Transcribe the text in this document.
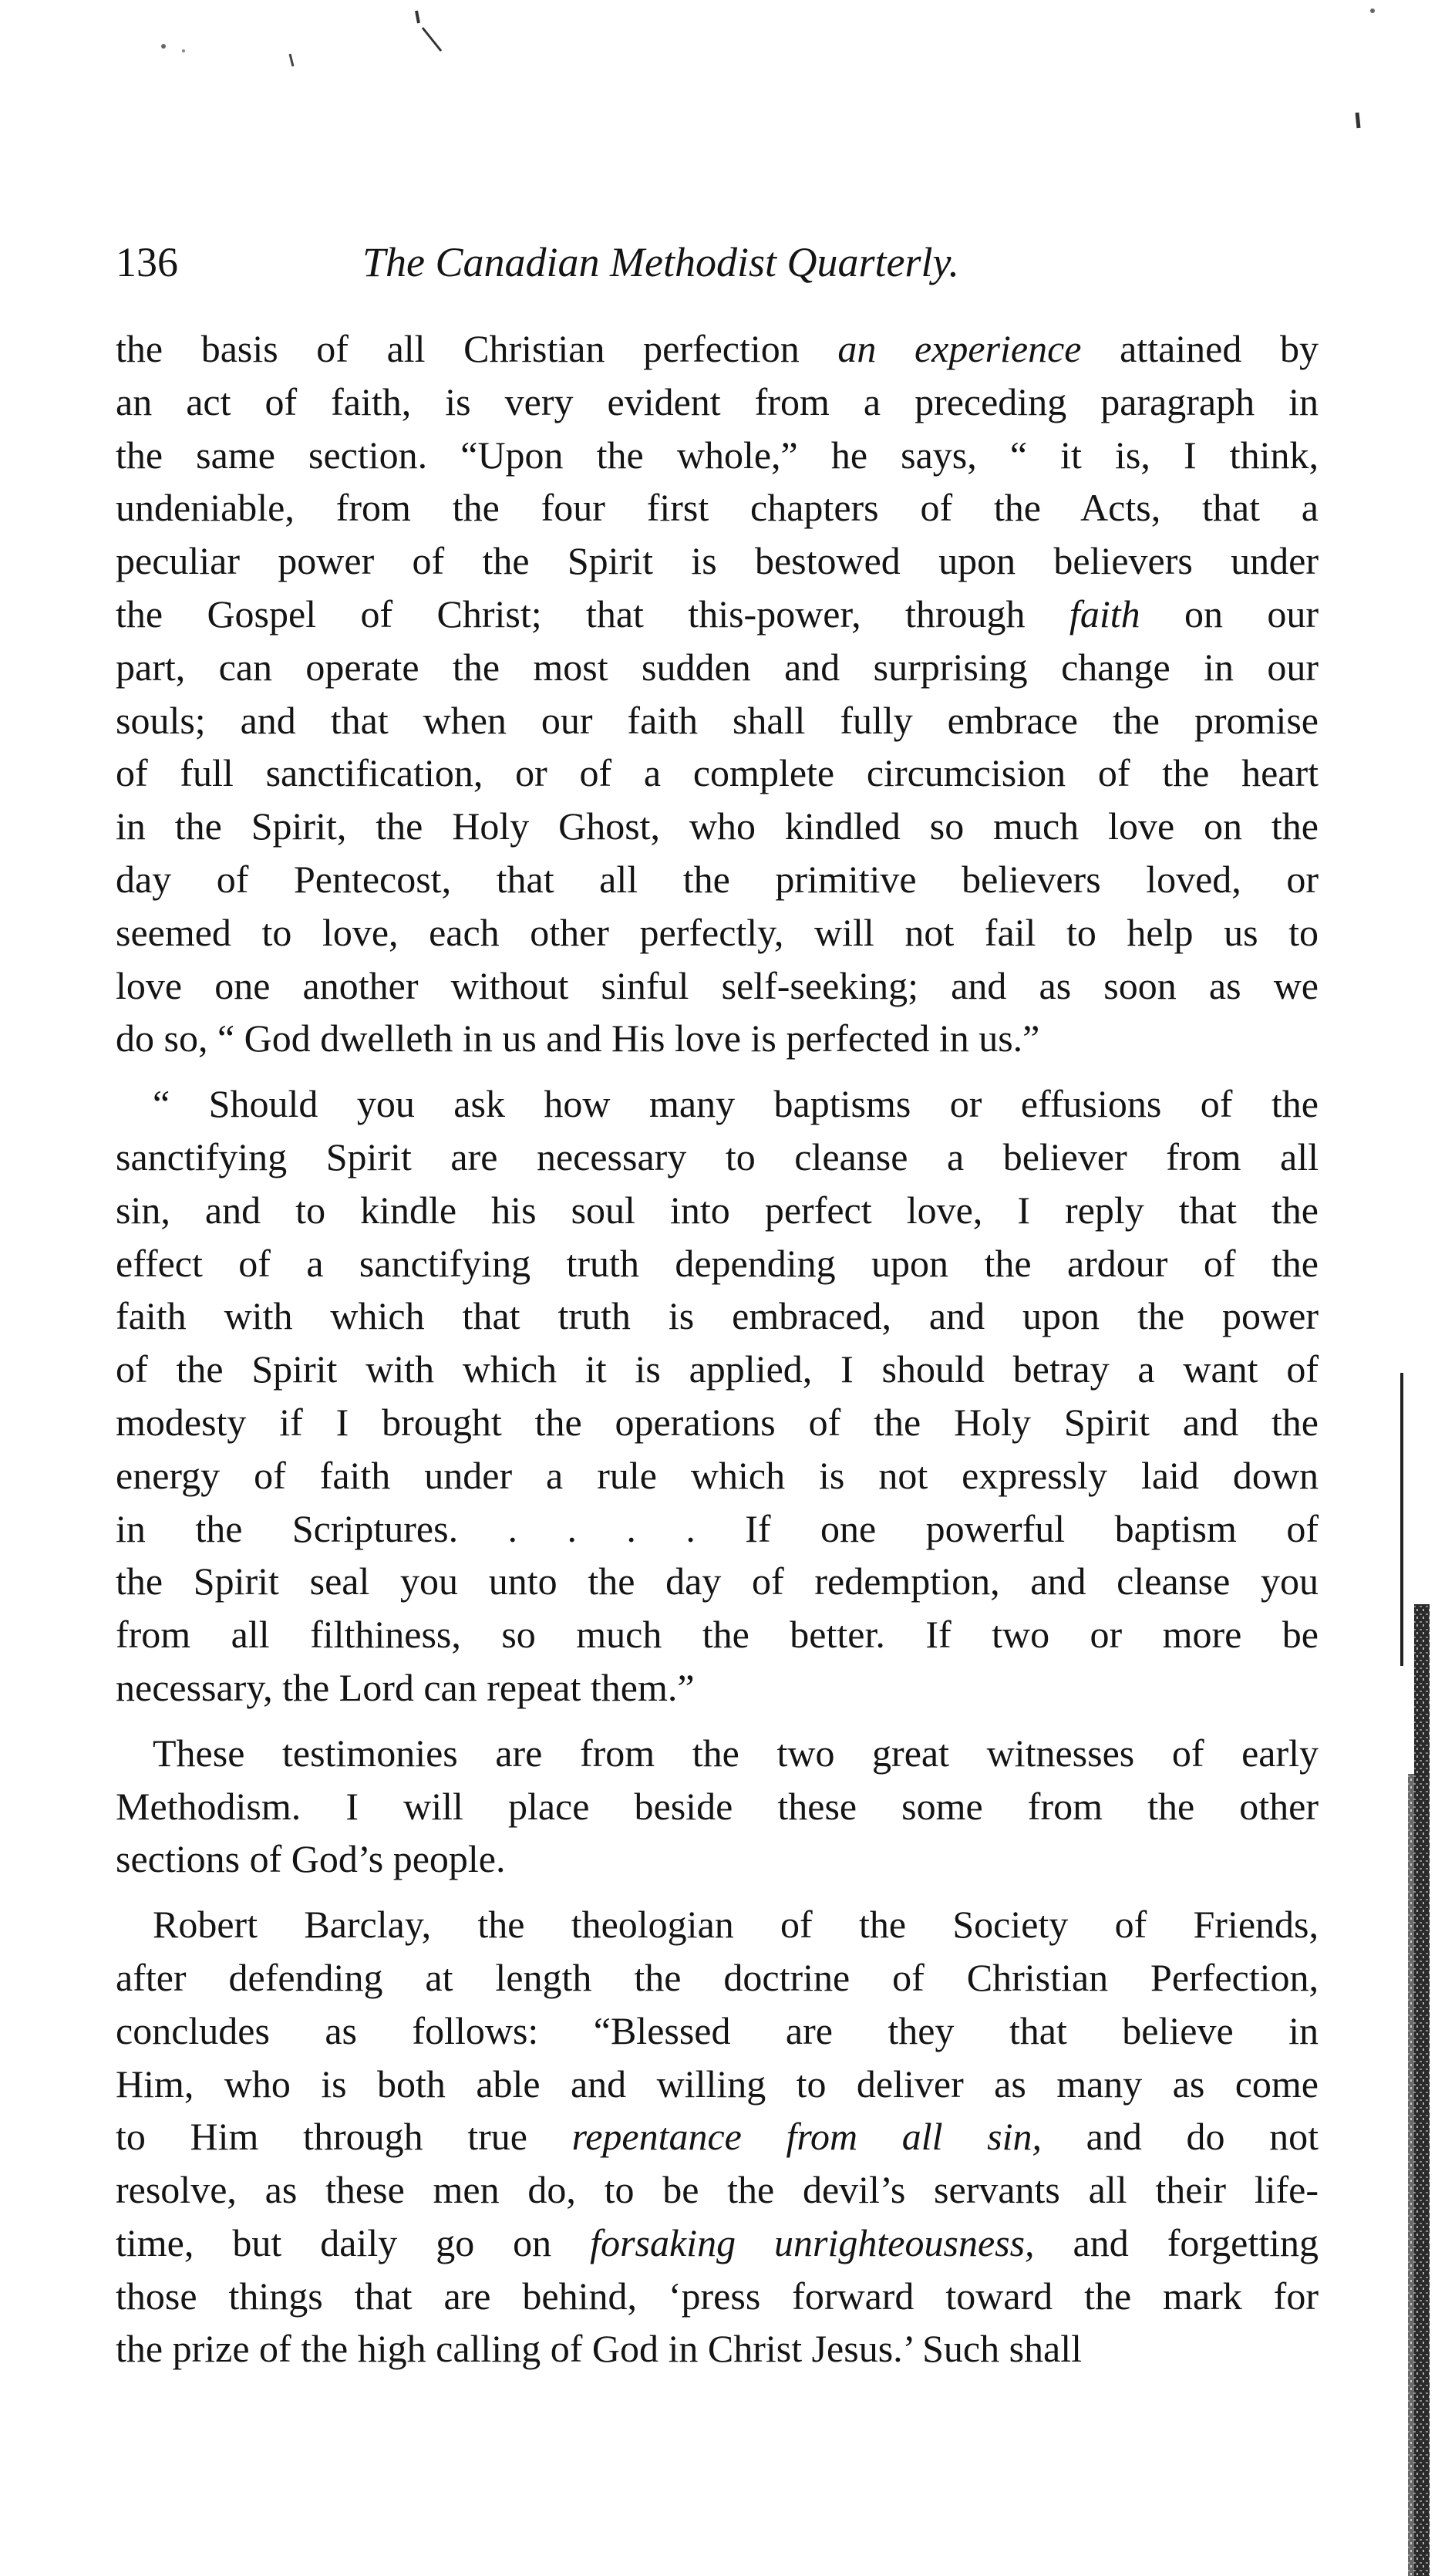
136	The Canadian Methodist Quarterly.
the basis of all Christian perfection an experience attained by
an act of faith, is very evident from a preceding paragraph in
the same section. “Upon the whole,” he says, “ it is, I think,
undeniable, from the four first chapters of the Acts, that a
peculiar power of the Spirit is bestowed upon believers under
the Gospel of Christ; that this-power, through faith on our
part, can operate the most sudden and surprising change in our
souls; and that when our faith shall fully embrace the promise
of full sanctification, or of a complete circumcision of the heart
in the Spirit, the Holy Ghost, who kindled so much love on the
day of Pentecost, that all the primitive believers loved, or
seemed to love, each other perfectly, will not fail to help us to
love one another without sinful self-seeking; and as soon as we
do so, “ God dwelleth in us and His love is perfected in us.”
“ Should you ask how many baptisms or effusions of the
sanctifying Spirit are necessary to cleanse a believer from all
sin, and to kindle his soul into perfect love, I reply that the
effect of a sanctifying truth depending upon the ardour of the
faith with which that truth is embraced, and upon the power
of the Spirit with which it is applied, I should betray a want of
modesty if I brought the operations of the Holy Spirit and the
energy of faith under a rule which is not expressly laid down
in the Scriptures. . . . . If one powerful baptism of
the Spirit seal you unto the day of redemption, and cleanse you
from all filthiness, so much the better. If two or more be
necessary, the Lord can repeat them.”
These testimonies are from the two great witnesses of early
Methodism. I will place beside these some from the other
sections of God’s people.
Robert Barclay, the theologian of the Society of Friends,
after defending at length the doctrine of Christian Perfection,
concludes as follows: “Blessed are they that believe in
Him, who is both able and willing to deliver as many as come
to Him through true repentance from all sin, and do not
resolve, as these men do, to be the devil’s servants all their life-
time, but daily go on forsaking unrighteousness, and forgetting
those things that are behind, ‘press forward toward the mark for
the prize of the high calling of God in Christ Jesus.’ Such shall
